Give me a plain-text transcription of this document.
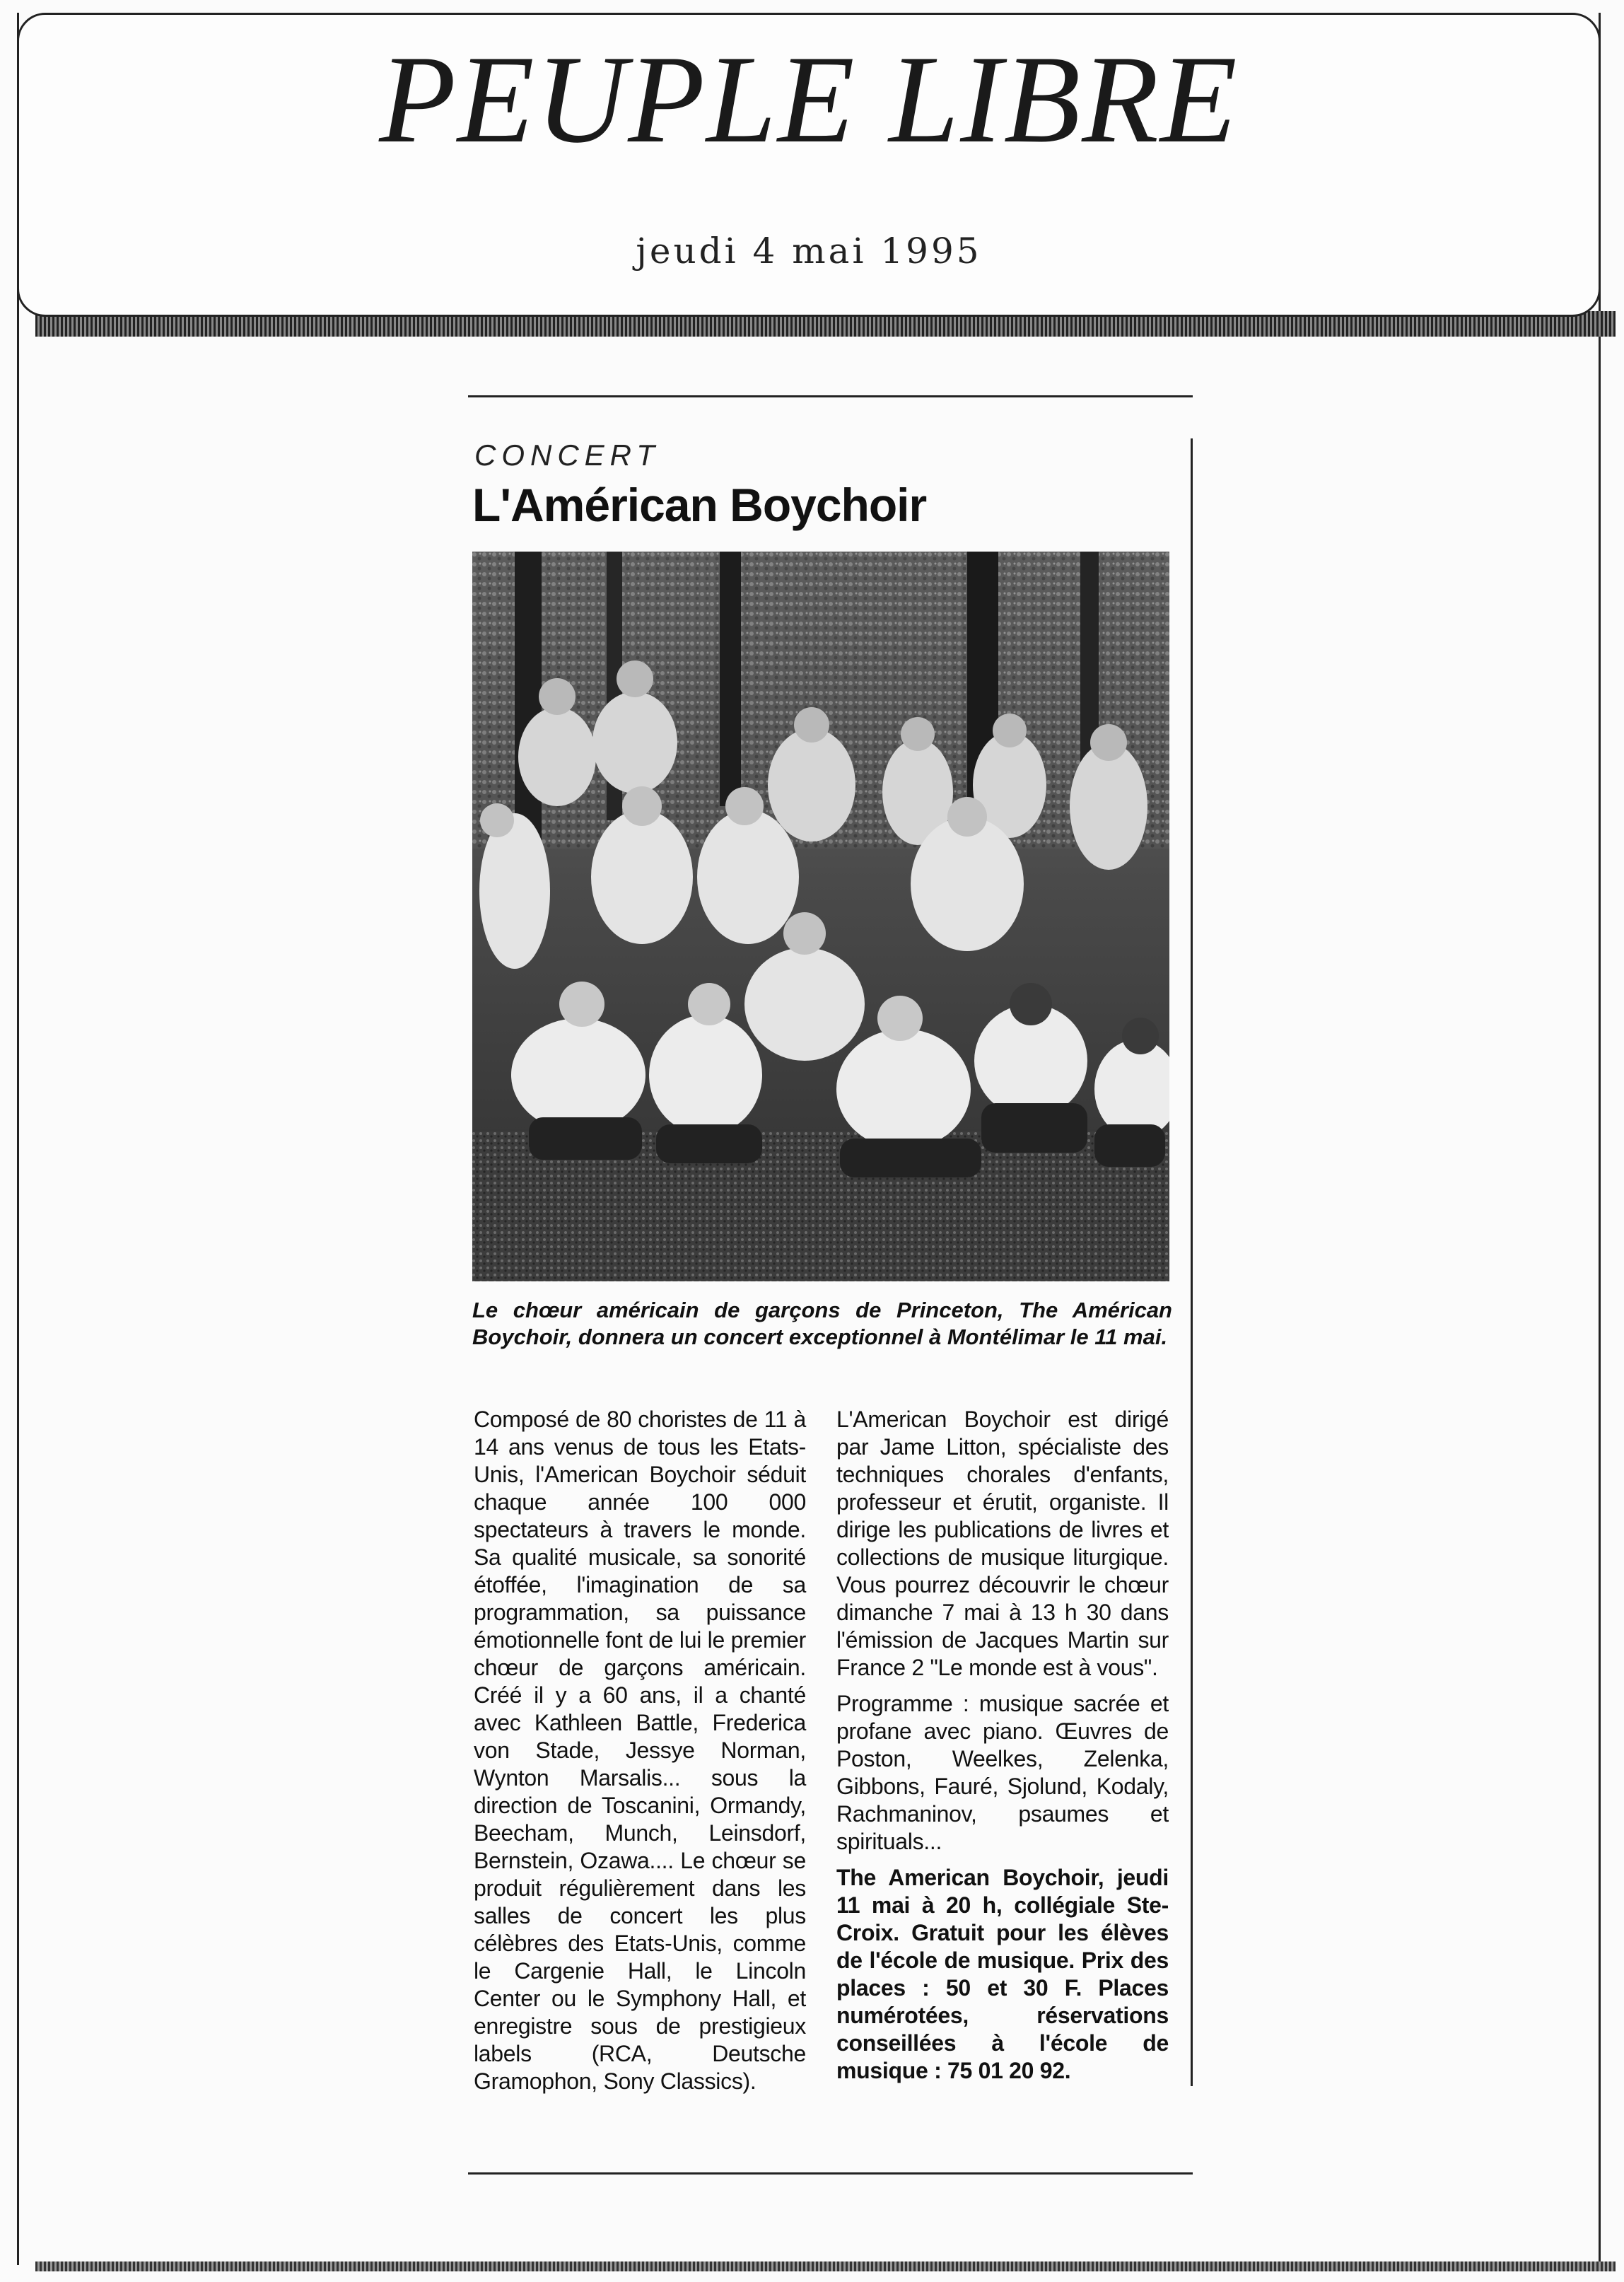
PEUPLE LIBRE
jeudi 4 mai 1995
CONCERT
L'Américan Boychoir
Le chœur américain de garçons de Princeton, The Américan Boychoir, donnera un concert exceptionnel à Montélimar le 11 mai.

Composé de 80 choristes de 11 à 14 ans venus de tous les Etats-Unis, l'American Boychoir séduit chaque année 100 000 spectateurs à travers le monde. Sa qualité musicale, sa sonorité étoffée, l'imagination de sa programmation, sa puissance émotionnelle font de lui le premier chœur de garçons américain. Créé il y a 60 ans, il a chanté avec Kathleen Battle, Frederica von Stade, Jessye Norman, Wynton Marsalis... sous la direction de Toscanini, Ormandy, Beecham, Munch, Leinsdorf, Bernstein, Ozawa.... Le chœur se produit régulièrement dans les salles de concert les plus célèbres des Etats-Unis, comme le Cargenie Hall, le Lincoln Center ou le Symphony Hall, et enregistre sous de prestigieux labels (RCA, Deutsche Gramophon, Sony Classics).

L'American Boychoir est dirigé par Jame Litton, spécialiste des techniques chorales d'enfants, professeur et érutit, organiste. Il dirige les publications de livres et collections de musique liturgique. Vous pourrez découvrir le chœur dimanche 7 mai à 13 h 30 dans l'émission de Jacques Martin sur France 2 "Le monde est à vous".

Programme : musique sacrée et profane avec piano. Œuvres de Poston, Weelkes, Zelenka, Gibbons, Fauré, Sjolund, Kodaly, Rachmaninov, psaumes et spirituals...

The American Boychoir, jeudi 11 mai à 20 h, collégiale Ste-Croix. Gratuit pour les élèves de l'école de musique. Prix des places : 50 et 30 F. Places numérotées, réservations conseillées à l'école de musique : 75 01 20 92.
